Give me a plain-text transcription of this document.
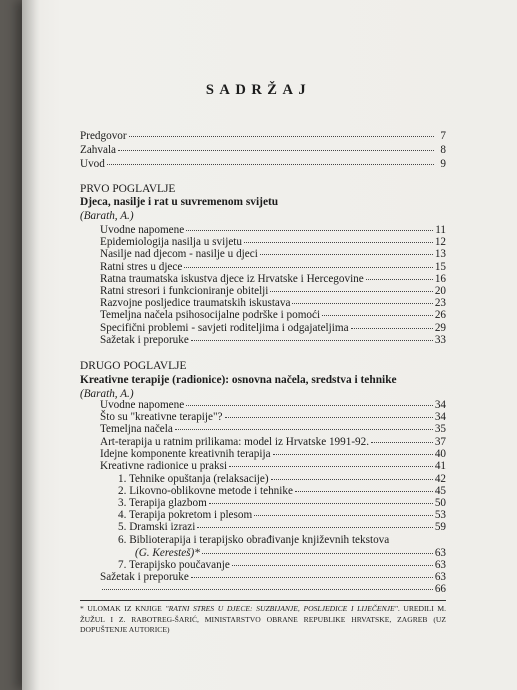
SADRŽAJ
Predgovor	7
Zahvala	8
Uvod	9
PRVO POGLAVLJE
Djeca, nasilje i rat u suvremenom svijetu
(Barath, A.)
Uvodne napomene	11
Epidemiologija nasilja u svijetu	12
Nasilje nad djecom - nasilje u djeci	13
Ratni stres u djece	15
Ratna traumatska iskustva djece iz Hrvatske i Hercegovine	16
Ratni stresori i funkcioniranje obitelji	20
Razvojne posljedice traumatskih iskustava	23
Temeljna načela psihosocijalne podrške i pomoći	26
Specifični problemi - savjeti roditeljima i odgajateljima	29
Sažetak i preporuke	33
DRUGO POGLAVLJE
Kreativne terapije (radionice): osnovna načela, sredstva i tehnike
(Barath, A.)
Uvodne napomene	34
Što su "kreativne terapije"?	34
Temeljna načela	35
Art-terapija u ratnim prilikama: model iz Hrvatske 1991-92.	37
Idejne komponente kreativnih terapija	40
Kreativne radionice u praksi	41
1. Tehnike opuštanja (relaksacije)	42
2. Likovno-oblikovne metode i tehnike	45
3. Terapija glazbom	50
4. Terapija pokretom i plesom	53
5. Dramski izrazi	59
6. Biblioterapija i terapijsko obrađivanje književnih tekstova
(G. Keresteš)*	63
7. Terapijsko poučavanje	63
Sažetak i preporuke	63
66
* ULOMAK IZ KNJIGE "RATNI STRES U DJECE: SUZBIJANJE, POSLJEDICE I LIJEČENJE". UREDILI M. ŽUŽUL I Z. RABOTREG-ŠARIĆ, MINISTARSTVO OBRANE REPUBLIKE HRVATSKE, ZAGREB (UZ DOPUŠTENJE AUTORICE)
